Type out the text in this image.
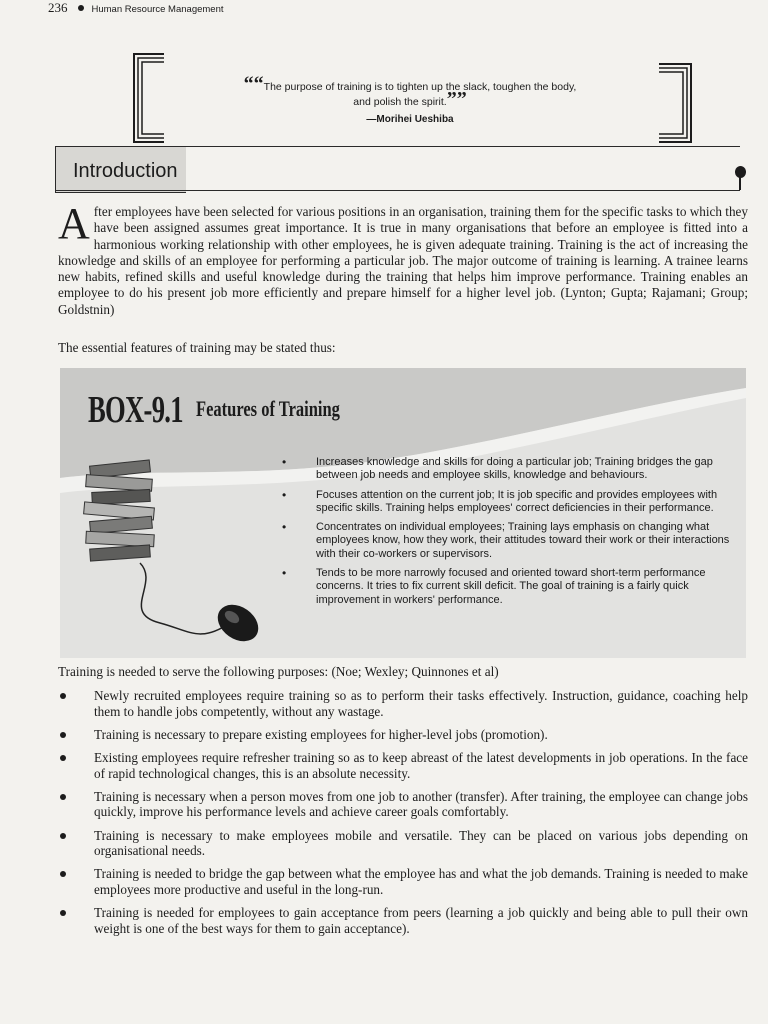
236	Human Resource Management
““The purpose of training is to tighten up the slack, toughen the body, and polish the spirit.””
—Morihei Ueshiba
Introduction
After employees have been selected for various positions in an organisation, training them for the specific tasks to which they have been assigned assumes great importance. It is true in many organisations that before an employee is fitted into a harmonious working relationship with other employees, he is given adequate training. Training is the act of increasing the knowledge and skills of an employee for performing a particular job. The major outcome of training is learning. A trainee learns new habits, refined skills and useful knowledge during the training that helps him improve performance. Training enables an employee to do his present job more efficiently and prepare himself for a higher level job. (Lynton; Gupta; Rajamani; Group; Goldstnin)
The essential features of training may be stated thus:
BOX-9.1 Features of Training
• Increases knowledge and skills for doing a particular job; Training bridges the gap between job needs and employee skills, knowledge and behaviours.
• Focuses attention on the current job; It is job specific and provides employees with specific skills. Training helps employees' correct deficiencies in their performance.
• Concentrates on individual employees; Training lays emphasis on changing what employees know, how they work, their attitudes toward their work or their interactions with their co-workers or supervisors.
• Tends to be more narrowly focused and oriented toward short-term performance concerns. It tries to fix current skill deficit. The goal of training is a fairly quick improvement in workers' performance.
Training is needed to serve the following purposes: (Noe; Wexley; Quinnones et al)
Newly recruited employees require training so as to perform their tasks effectively. Instruction, guidance, coaching help them to handle jobs competently, without any wastage.
Training is necessary to prepare existing employees for higher-level jobs (promotion).
Existing employees require refresher training so as to keep abreast of the latest developments in job operations. In the face of rapid technological changes, this is an absolute necessity.
Training is necessary when a person moves from one job to another (transfer). After training, the employee can change jobs quickly, improve his performance levels and achieve career goals comfortably.
Training is necessary to make employees mobile and versatile. They can be placed on various jobs depending on organisational needs.
Training is needed to bridge the gap between what the employee has and what the job demands. Training is needed to make employees more productive and useful in the long-run.
Training is needed for employees to gain acceptance from peers (learning a job quickly and being able to pull their own weight is one of the best ways for them to gain acceptance).
